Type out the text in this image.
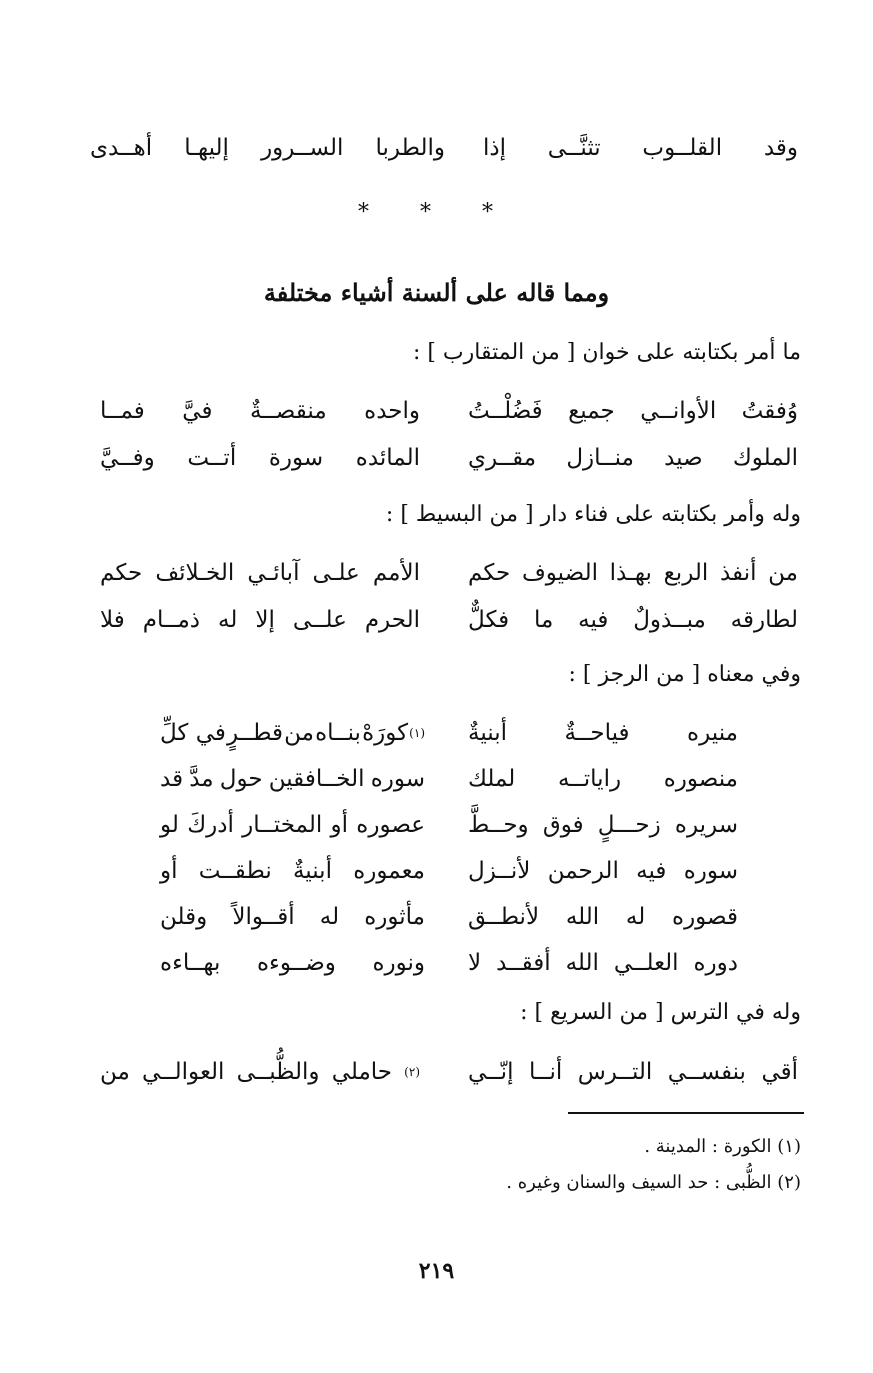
إذا تثنَّــى القلــوب وقد
أهــدى إليهـا الســرور والطربا
* * *
ومما قاله على ألسنة أشياء مختلفة
ما أمر بكتابته على خوان [ من المتقارب ] :
فَضُلْــتُ جميع الأوانــي وُفقتُ
فمــا فيَّ منقصــةٌ واحده
مقــري منــازل صيد الملوك
وفــيَّ أتــت سورة المائده
وله وأمر بكتابته على فناء دار [ من البسيط ] :
حكم الضيوف بهـذا الربع أنفذ من
حكم الخـلائف آبائـي علـى الأمم
فكلٌّ ما فيه مبــذولٌ لطارقه
فلا ذمــام له إلا علــى الحرم
وفي معناه [ من الرجز ] :
أبنيةٌ	فياحــةٌ	منيره
في كلِّ قطــرٍ من بنــاه كورَهْ (١)
لملك راياتــه منصوره
قد مدَّ حول الخــافقين سوره
وحــطَّ فوق زحـــلٍ سريره
لو أدركَ المختــار أو عصوره
لأنــزل الرحمن فيه سوره
أو نطقــت أبنيةٌ معموره
لأنطــق الله له قصوره
وقلن أقــوالاً له مأثوره
لا أفقــد الله العلــي دوره
بهــاءه وضــوءه ونوره
وله في الترس [ من السريع ] :
إنّــي أنــا التــرس بنفســي أقي
من العوالــي والظُّبــى حاملي (٢)
(١) الكورة : المدينة .
(٢) الظُّبى : حد السيف والسنان وغيره .
٢١٩
